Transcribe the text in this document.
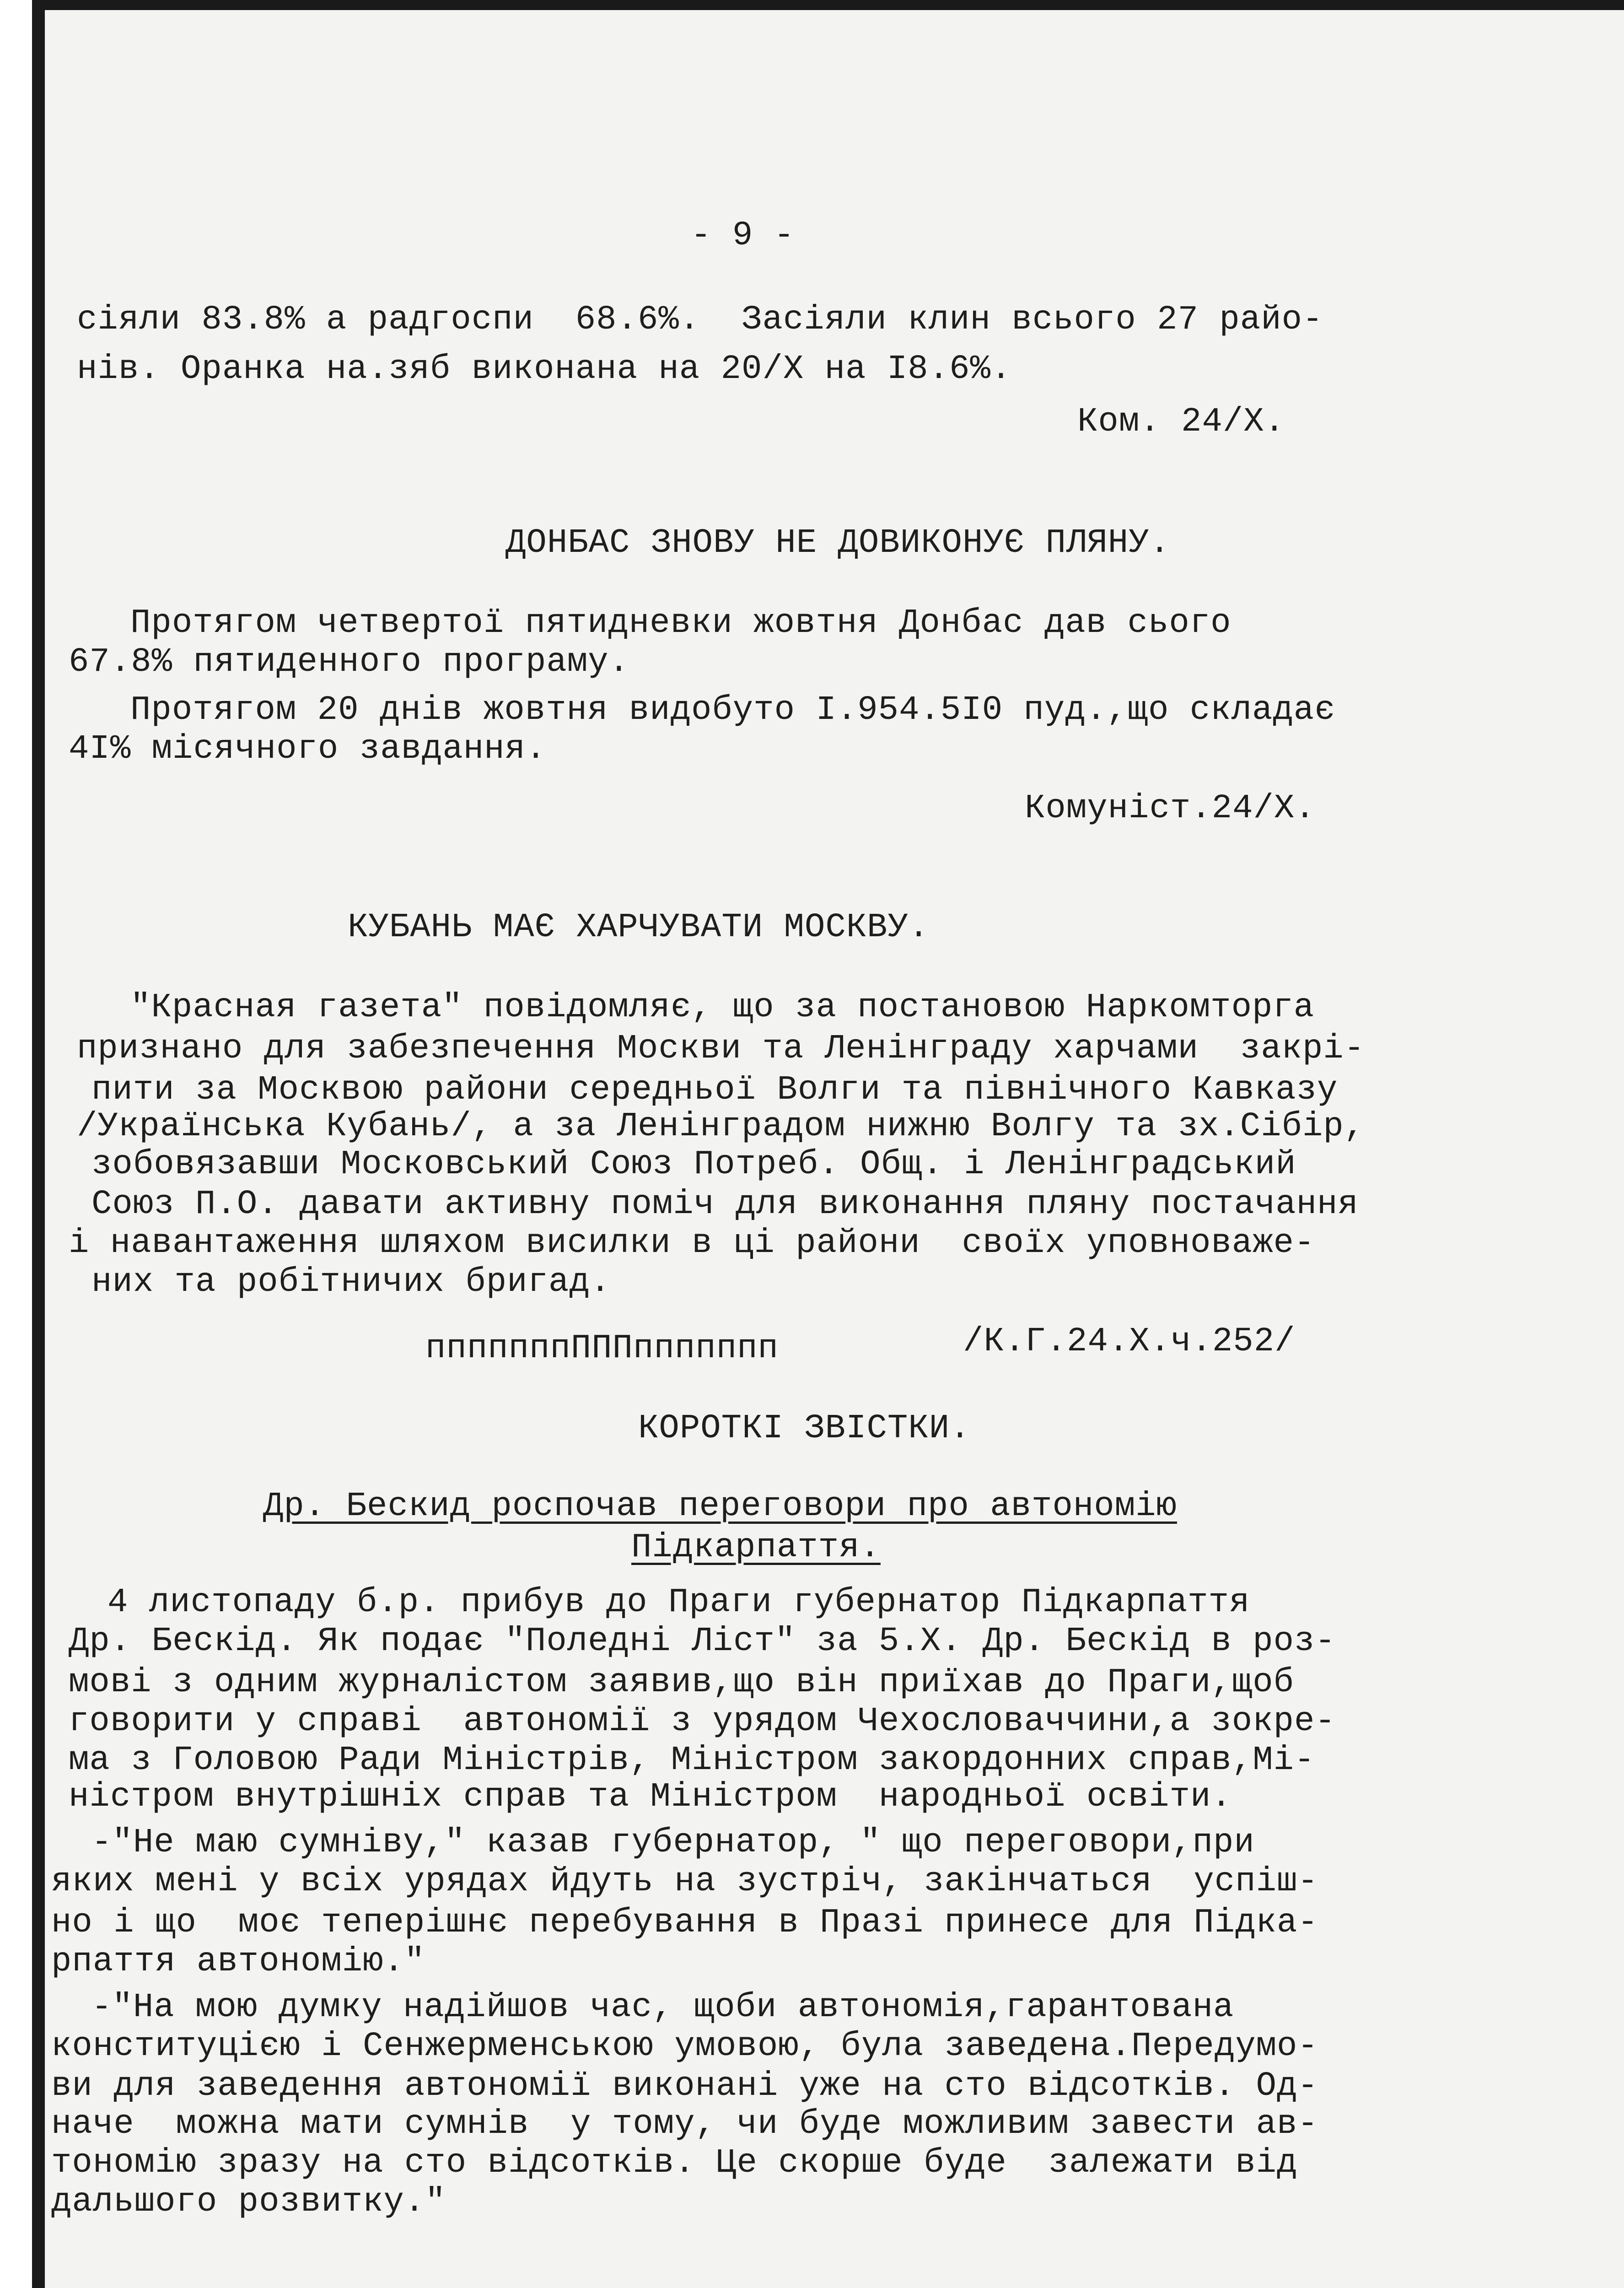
- 9 -
сіяли 83.8% а радгоспи  68.6%.  Засіяли клин всього 27 райо-
нів. Оранка на.зяб виконана на 20/Х на І8.6%.
Ком. 24/Х.
ДОНБАС ЗНОВУ НЕ ДОВИКОНУЄ ПЛЯНУ.
Протягом четвертої пятидневки жовтня Донбас дав сього
67.8% пятиденного програму.
Протягом 20 днів жовтня видобуто І.954.5І0 пуд.,що складає
4І% місячного завдання.
Комуніст.24/Х.
КУБАНЬ МАЄ ХАРЧУВАТИ МОСКВУ.
"Красная газета" повідомляє, що за постановою Наркомторга
признано для забезпечення Москви та Ленінграду харчами  закрі-
пити за Москвою райони середньої Волги та північного Кавказу
/Українська Кубань/, а за Ленінградом нижню Волгу та зх.Сібір,
зобовязавши Московський Союз Потреб. Общ. і Ленінградський
Союз П.О. давати активну поміч для виконання пляну постачання
і навантаження шляхом висилки в ці райони  своїх уповноваже-
них та робітничих бригад.
пппппппПППппппппп	/К.Г.24.Х.ч.252/
КОРОТКІ ЗВІСТКИ.
Др. Бескид роспочав переговори про автономію
Підкарпаття.
4 листопаду б.р. прибув до Праги губернатор Підкарпаття
Др. Бескід. Як подає "Поледні Ліст" за 5.Х. Др. Бескід в роз-
мові з одним журналістом заявив,що він приїхав до Праги,щоб
говорити у справі  автономії з урядом Чехословаччини,а зокре-
ма з Головою Ради Міністрів, Міністром закордонних справ,Мі-
ністром внутрішніх справ та Міністром  народньої освіти.
-"Не маю сумніву," казав губернатор, " що переговори,при
яких мені у всіх урядах йдуть на зустріч, закінчаться  успіш-
но і що  моє теперішнє перебування в Празі принесе для Підка-
рпаття автономію."
-"На мою думку надійшов час, щоби автономія,гарантована
конституцією і Сенжерменською умовою, була заведена.Передумо-
ви для заведення автономії виконані уже на сто відсотків. Од-
наче  можна мати сумнів  у тому, чи буде можливим завести ав-
тономію зразу на сто відсотків. Це скорше буде  залежати від
дальшого розвитку."
